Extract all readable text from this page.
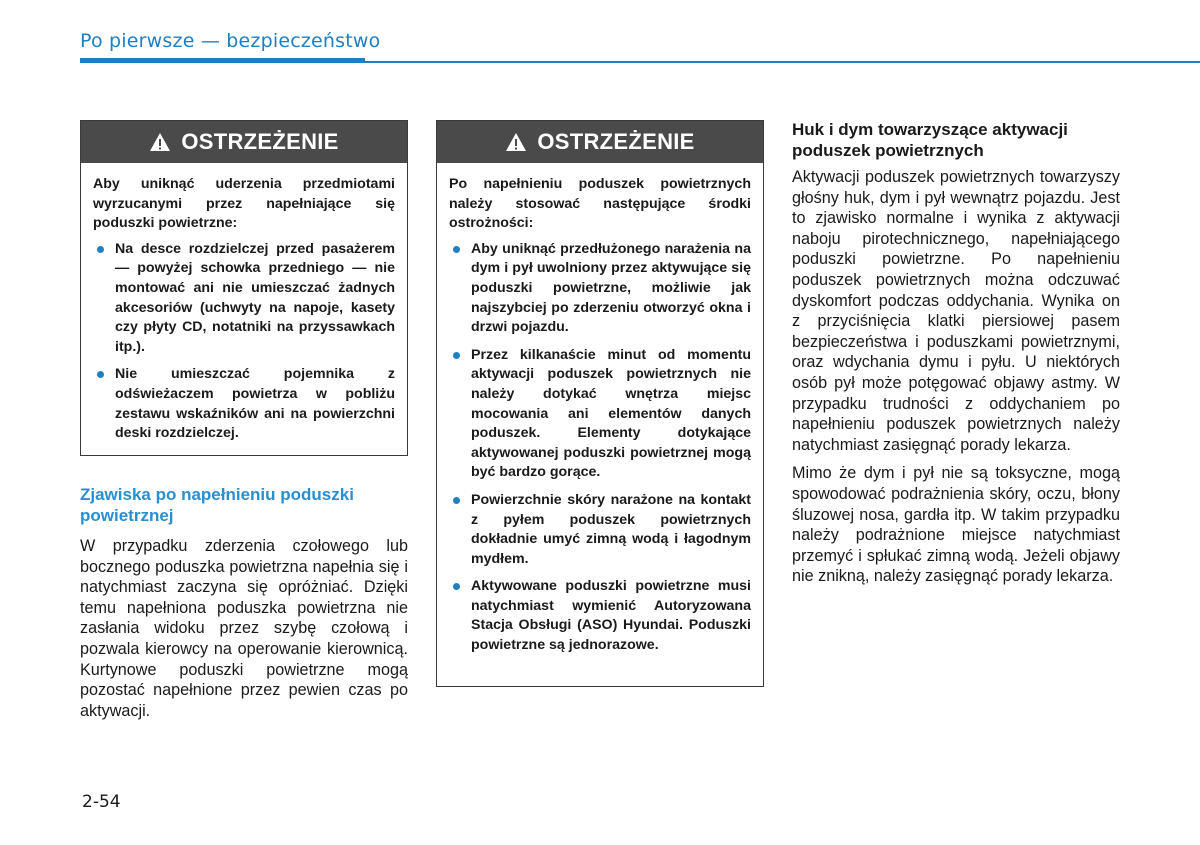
Po pierwsze — bezpieczeństwo
OSTRZEŻENIE

Aby uniknąć uderzenia przedmiotami wyrzucanymi przez napełniające się poduszki powietrzne:

Na desce rozdzielczej przed pasażerem — powyżej schowka przedniego — nie montować ani nie umieszczać żadnych akcesoriów (uchwyty na napoje, kasety czy płyty CD, notatniki na przyssawkach itp.).
Nie umieszczać pojemnika z odświeżaczem powietrza w pobliżu zestawu wskaźników ani na powierzchni deski rozdzielczej.
Zjawiska po napełnieniu poduszki powietrznej

W przypadku zderzenia czołowego lub bocznego poduszka powietrzna napełnia się i natychmiast zaczyna się opróżniać. Dzięki temu napełniona poduszka powietrzna nie zasłania widoku przez szybę czołową i pozwala kierowcy na operowanie kierownicą. Kurtynowe poduszki powietrzne mogą pozostać napełnione przez pewien czas po aktywacji.

OSTRZEŻENIE

Po napełnieniu poduszek powietrznych należy stosować następujące środki ostrożności:

Aby uniknąć przedłużonego narażenia na dym i pył uwolniony przez aktywujące się poduszki powietrzne, możliwie jak najszybciej po zderzeniu otworzyć okna i drzwi pojazdu.
Przez kilkanaście minut od momentu aktywacji poduszek powietrznych nie należy dotykać wnętrza miejsc mocowania ani elementów danych poduszek. Elementy dotykające aktywowanej poduszki powietrznej mogą być bardzo gorące.
Powierzchnie skóry narażone na kontakt z pyłem poduszek powietrznych dokładnie umyć zimną wodą i łagodnym mydłem.
Aktywowane poduszki powietrzne musi natychmiast wymienić Autoryzowana Stacja Obsługi (ASO) Hyundai. Poduszki powietrzne są jednorazowe.
Huk i dym towarzyszące aktywacji poduszek powietrznych

Aktywacji poduszek powietrznych towarzyszy głośny huk, dym i pył wewnątrz pojazdu. Jest to zjawisko normalne i wynika z aktywacji naboju pirotechnicznego, napełniającego poduszki powietrzne. Po napełnieniu poduszek powietrznych można odczuwać dyskomfort podczas oddychania. Wynika on z przyciśnięcia klatki piersiowej pasem bezpieczeństwa i poduszkami powietrznymi, oraz wdychania dymu i pyłu. U niektórych osób pył może potęgować objawy astmy. W przypadku trudności z oddychaniem po napełnieniu poduszek powietrznych należy natychmiast zasięgnąć porady lekarza.

Mimo że dym i pył nie są toksyczne, mogą spowodować podrażnienia skóry, oczu, błony śluzowej nosa, gardła itp. W takim przypadku należy podrażnione miejsce natychmiast przemyć i spłukać zimną wodą. Jeżeli objawy nie znikną, należy zasięgnąć porady lekarza.

2-54
